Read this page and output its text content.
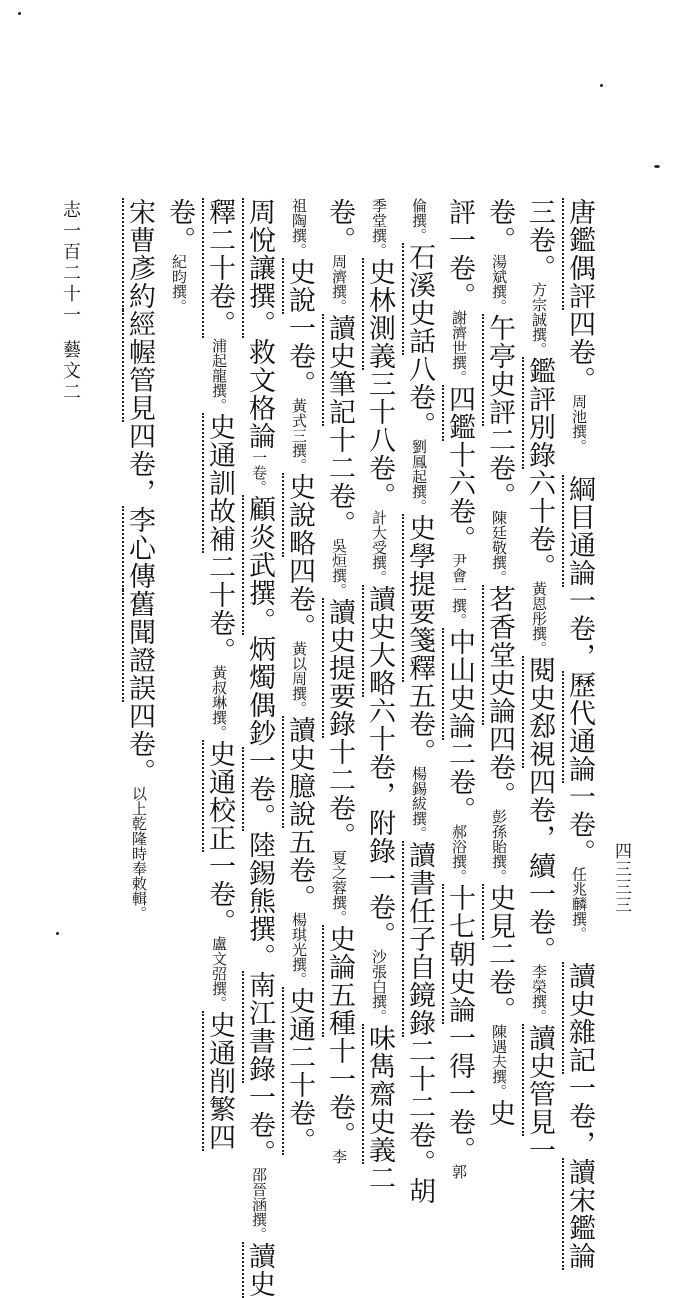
唐鑑偶評四卷。周池撰。　綱目通論一卷，歷代通論一卷。任兆麟撰。　讀史雜記一卷，讀宋鑑論
三卷。方宗誠撰。鑑評別錄六十卷。黃恩彤撰。閱史郄視四卷，續一卷。李榮撰。讀史管見一
卷。湯斌撰。午亭史評二卷。陳廷敬撰。茗香堂史論四卷。彭孫貽撰。史見二卷。陳遇夫撰。史
評一卷。謝濟世撰。四鑑十六卷。尹會一撰。中山史論二卷。郝浴撰。十七朝史論一得一卷。郭
倫撰。石溪史話八卷。劉鳳起撰。史學提要箋釋五卷。楊錫紱撰。讀書任子自鏡錄二十二卷。胡
季堂撰。史林測義三十八卷。計大受撰。讀史大略六十卷，附錄一卷。沙張白撰。味雋齋史義二
卷。周濟撰。讀史筆記十二卷。吳烜撰。讀史提要錄十二卷。夏之蓉撰。史論五種十一卷。李
祖陶撰。史說一卷。黃式三撰。史說略四卷。黃以周撰。讀史臆說五卷。楊琪光撰。史通二十卷。
周悅讓撰。救文格論一卷。顧炎武撰。炳燭偶鈔一卷。陸錫熊撰。南江書錄一卷。邵晉涵撰。讀史
志一百二十一
藝文二
四三三三
釋二十卷。浦起龍撰。史通訓故補二十卷。黃叔琳撰。史通校正一卷。盧文弨撰。史通削繁四
卷。紀昀撰。
宋曹彥約經幄管見四卷，李心傳舊聞證誤四卷。以上乾隆時奉敕輯。
